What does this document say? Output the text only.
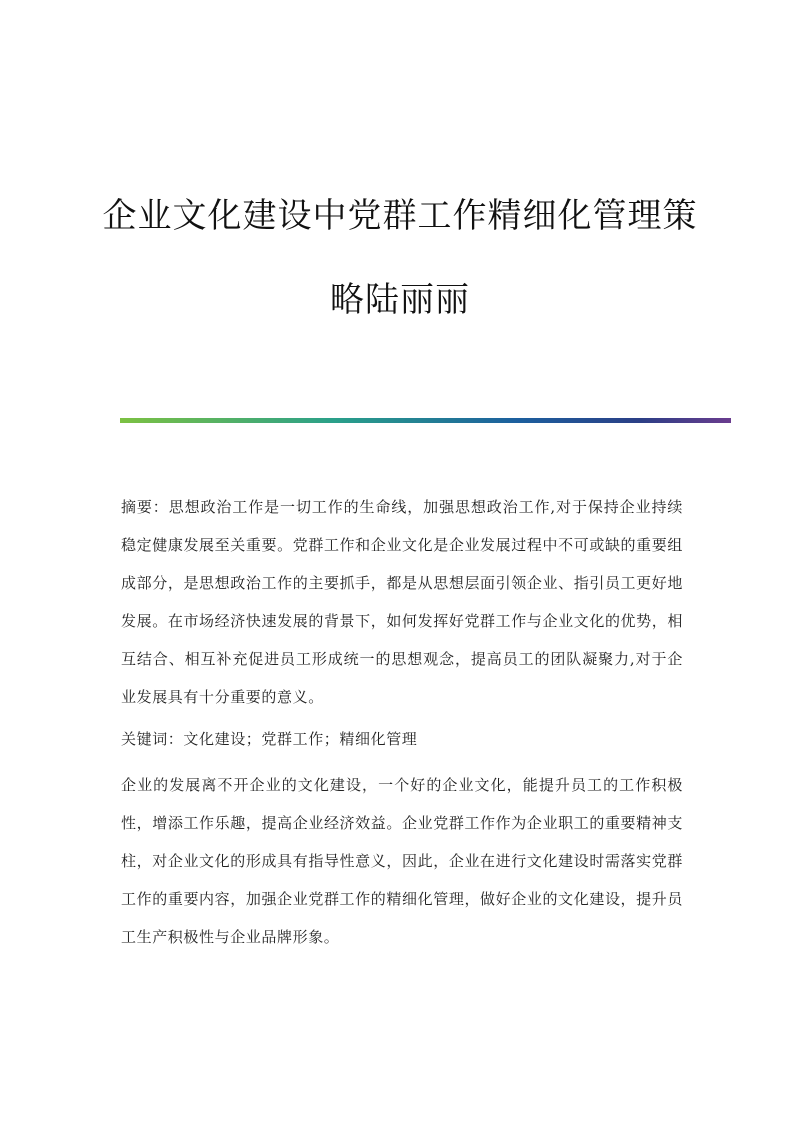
企业文化建设中党群工作精细化管理策
略陆丽丽

摘要：思想政治工作是一切工作的生命线，加强思想政治工作,对于保持企业持续稳定健康发展至关重要。党群工作和企业文化是企业发展过程中不可或缺的重要组成部分，是思想政治工作的主要抓手，都是从思想层面引领企业、指引员工更好地发展。在市场经济快速发展的背景下，如何发挥好党群工作与企业文化的优势，相互结合、相互补充促进员工形成统一的思想观念，提高员工的团队凝聚力,对于企业发展具有十分重要的意义。

关键词：文化建设；党群工作；精细化管理

企业的发展离不开企业的文化建设，一个好的企业文化，能提升员工的工作积极性，增添工作乐趣，提高企业经济效益。企业党群工作作为企业职工的重要精神支柱，对企业文化的形成具有指导性意义，因此，企业在进行文化建设时需落实党群工作的重要内容，加强企业党群工作的精细化管理，做好企业的文化建设，提升员工生产积极性与企业品牌形象。
